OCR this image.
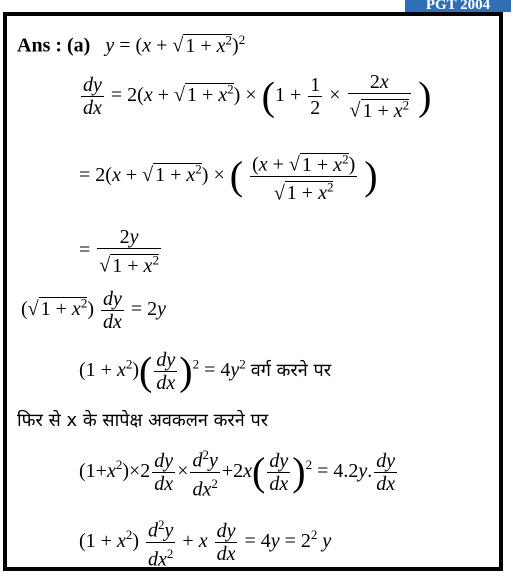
PGT 2004
Ans : (a)   y = (x + √ $1 + x^2)^2$
$\frac{dy}{dx} = 2(x$ + √ $1 + x^2) \times (1 + \frac{1}{2} \times \frac{2x}{√ 1 + x^2}$ )
= 2(x + √ $1 + x^2$) × ( $\frac{(x + √ 1 + x^2)}{√ 1 + x^2}$ )
= $\frac{2y}{√ 1 + x^2}$
(√ $1 + x^2) \frac{dy}{dx} = 2y$
$(1 + x^2)( \frac{dy}{dx} )^2 = 4y^2$ वर्ग करने पर
फिर से x के सापेक्ष अवकलन करने पर
$(1+x^2)\times 2 \frac{dy}{dx} \times \frac{d^2y}{dx^2} +2x( \frac{dy}{dx} )^2 = 4.2y$. $\frac{dy}{dx}$
$(1 + x^2) \frac{d^2y}{dx^2} + x \frac{dy}{dx} = 4y = 2^2$ y
